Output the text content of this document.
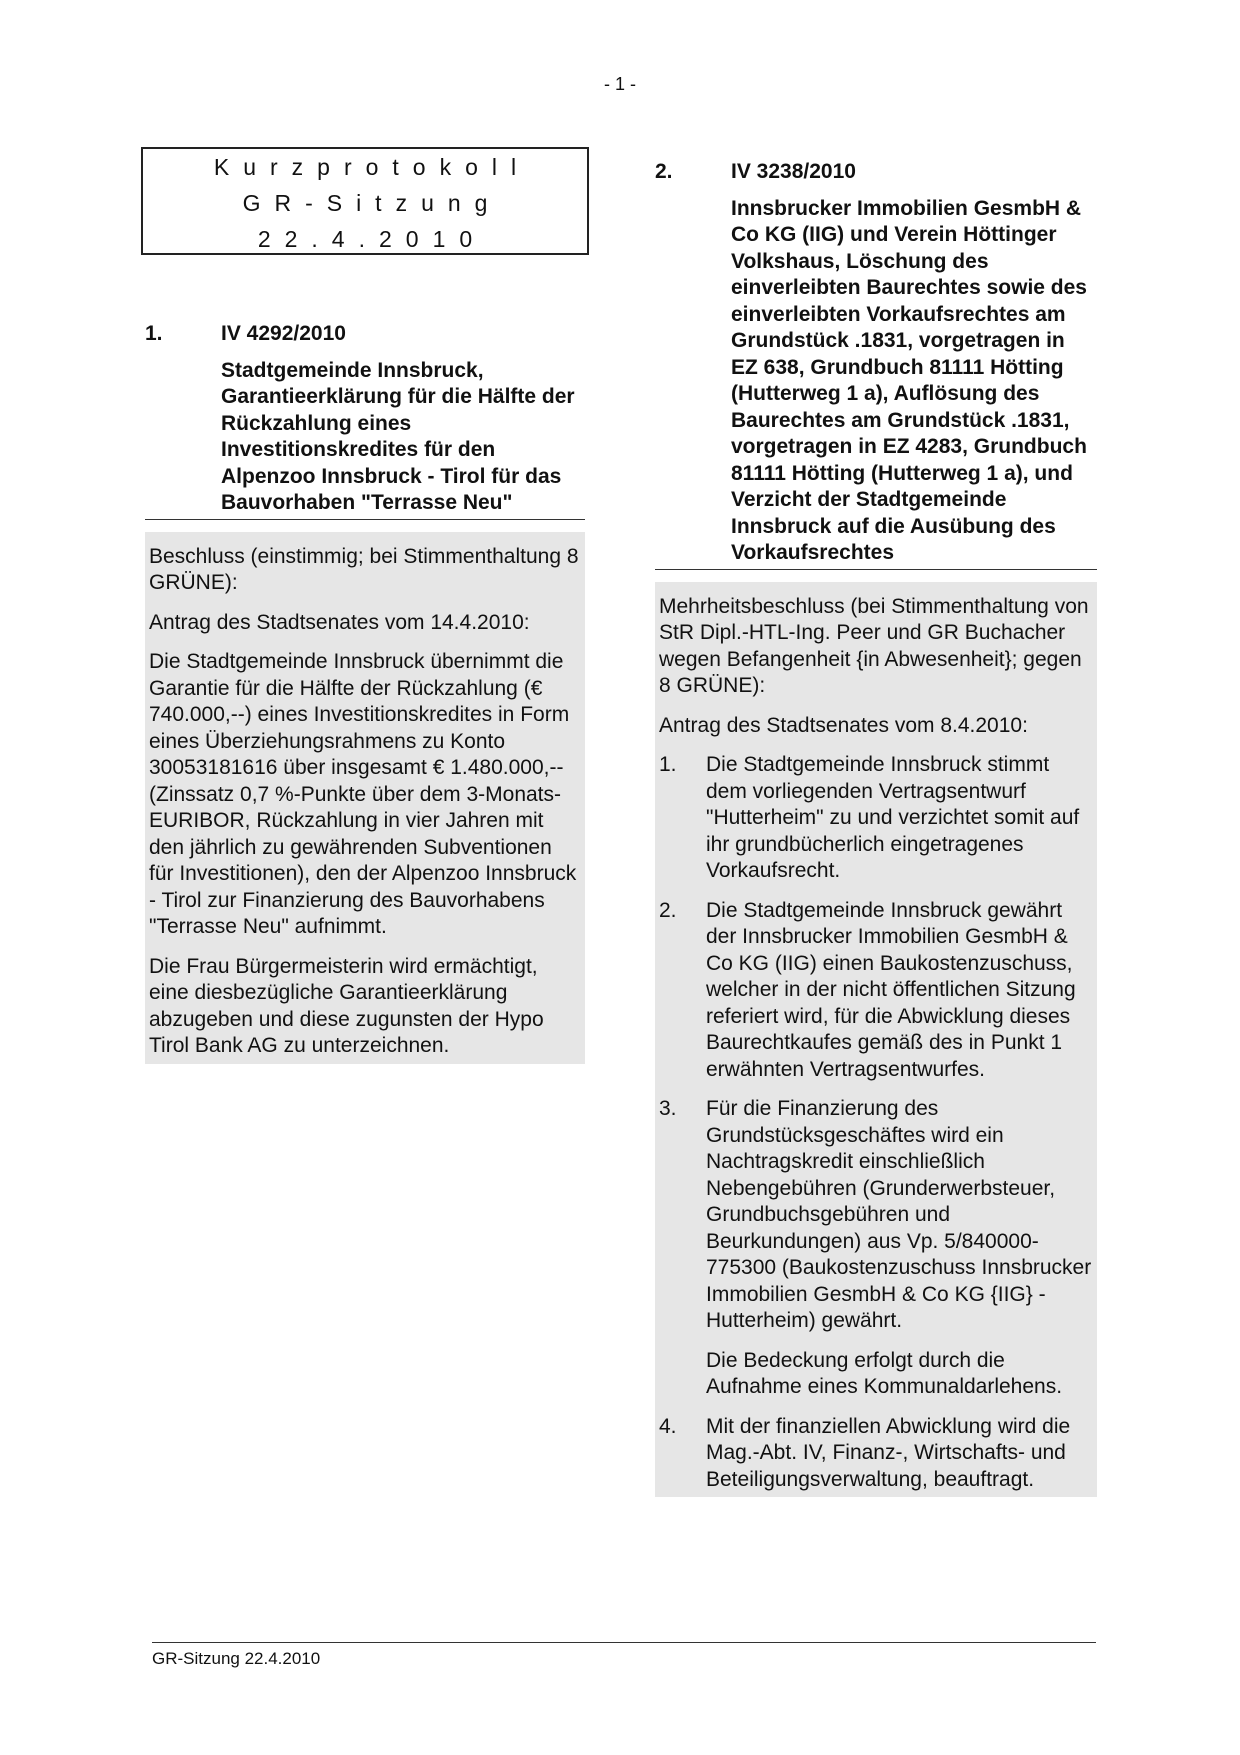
- 1 -
Kurzprotokoll
GR-Sitzung
22.4.2010
1.	IV 4292/2010
Stadtgemeinde Innsbruck, Garantieerklärung für die Hälfte der Rückzahlung eines Investitionskredites für den Alpenzoo Innsbruck - Tirol für das Bauvorhaben "Terrasse Neu"

Beschluss (einstimmig; bei Stimmenthaltung 8 GRÜNE):

Antrag des Stadtsenates vom 14.4.2010:

Die Stadtgemeinde Innsbruck übernimmt die Garantie für die Hälfte der Rückzahlung (€ 740.000,--) eines Investitionskredites in Form eines Überziehungsrahmens zu Konto 30053181616 über insgesamt € 1.480.000,-- (Zinssatz 0,7 %-Punkte über dem 3-Monats-EURIBOR, Rückzahlung in vier Jahren mit den jährlich zu gewährenden Subventionen für Investitionen), den der Alpenzoo Innsbruck - Tirol zur Finanzierung des Bauvorhabens "Terrasse Neu" aufnimmt.

Die Frau Bürgermeisterin wird ermächtigt, eine diesbezügliche Garantieerklärung abzugeben und diese zugunsten der Hypo Tirol Bank AG zu unterzeichnen.

2.	IV 3238/2010
Innsbrucker Immobilien GesmbH & Co KG (IIG) und Verein Höttinger Volkshaus, Löschung des einverleibten Baurechtes sowie des einverleibten Vorkaufsrechtes am Grundstück .1831, vorgetragen in EZ 638, Grundbuch 81111 Hötting (Hutterweg 1 a), Auflösung des Baurechtes am Grundstück .1831, vorgetragen in EZ 4283, Grundbuch 81111 Hötting (Hutterweg 1 a), und Verzicht der Stadtgemeinde Innsbruck auf die Ausübung des Vorkaufsrechtes

Mehrheitsbeschluss (bei Stimmenthaltung von StR Dipl.-HTL-Ing. Peer und GR Buchacher wegen Befangenheit {in Abwesenheit}; gegen 8 GRÜNE):

Antrag des Stadtsenates vom 8.4.2010:

1.	Die Stadtgemeinde Innsbruck stimmt dem vorliegenden Vertragsentwurf "Hutterheim" zu und verzichtet somit auf ihr grundbücherlich eingetragenes Vorkaufsrecht.

2.	Die Stadtgemeinde Innsbruck gewährt der Innsbrucker Immobilien GesmbH & Co KG (IIG) einen Baukostenzuschuss, welcher in der nicht öffentlichen Sitzung referiert wird, für die Abwicklung dieses Baurechtkaufes gemäß des in Punkt 1 erwähnten Vertragsentwurfes.

3.	Für die Finanzierung des Grundstücksgeschäftes wird ein Nachtragskredit einschließlich Nebengebühren (Grunderwerbsteuer, Grundbuchsgebühren und Beurkundungen) aus Vp. 5/840000-775300 (Baukostenzuschuss Innsbrucker Immobilien GesmbH & Co KG {IIG} - Hutterheim) gewährt.

Die Bedeckung erfolgt durch die Aufnahme eines Kommunaldarlehens.

4.	Mit der finanziellen Abwicklung wird die Mag.-Abt. IV, Finanz-, Wirtschafts- und Beteiligungsverwaltung, beauftragt.

GR-Sitzung 22.4.2010
